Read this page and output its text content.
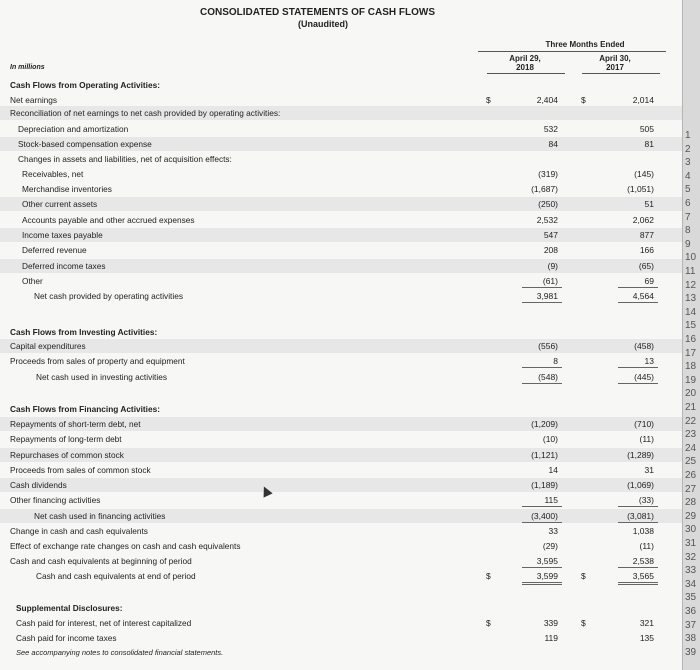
CONSOLIDATED STATEMENTS OF CASH FLOWS
(Unaudited)
Three Months Ended
April 29,
2018
April 30,
2017
In millions
Cash Flows from Operating Activities:
Net earnings	2,404	2,014
$	$
Reconciliation of net earnings to net cash provided by operating activities:
Depreciation and amortization	532	505
Stock-based compensation expense	84	81
Changes in assets and liabilities, net of acquisition effects:
Receivables, net	(319)	(145)
Merchandise inventories	(1,687)	(1,051)
Other current assets	(250)	51
Accounts payable and other accrued expenses	2,532	2,062
Income taxes payable	547	877
Deferred revenue	208	166
Deferred income taxes	(9)	(65)
Other	(61)	69
Net cash provided by operating activities	3,981	4,564
Cash Flows from Investing Activities:
Capital expenditures	(556)	(458)
Proceeds from sales of property and equipment	8	13
Net cash used in investing activities	(548)	(445)
Cash Flows from Financing Activities:
Repayments of short-term debt, net	(1,209)	(710)
Repayments of long-term debt	(10)	(11)
Repurchases of common stock	(1,121)	(1,289)
Proceeds from sales of common stock	14	31
Cash dividends	(1,189)	(1,069)
Other financing activities	115	(33)
Net cash used in financing activities	(3,400)	(3,081)
Change in cash and cash equivalents	33	1,038
Effect of exchange rate changes on cash and cash equivalents	(29)	(11)
Cash and cash equivalents at beginning of period	3,595	2,538
Cash and cash equivalents at end of period	3,599	3,565
$	$
Supplemental Disclosures:
Cash paid for interest, net of interest capitalized	339	321
$	$
Cash paid for income taxes	119	135
See accompanying notes to consolidated financial statements.
1
2
3
4
5
6
7
8
9
10
11
12
13
14
15
16
17
18
19
20
21
22
23
24
25
26
27
28
29
30
31
32
33
34
35
36
37
38
39
